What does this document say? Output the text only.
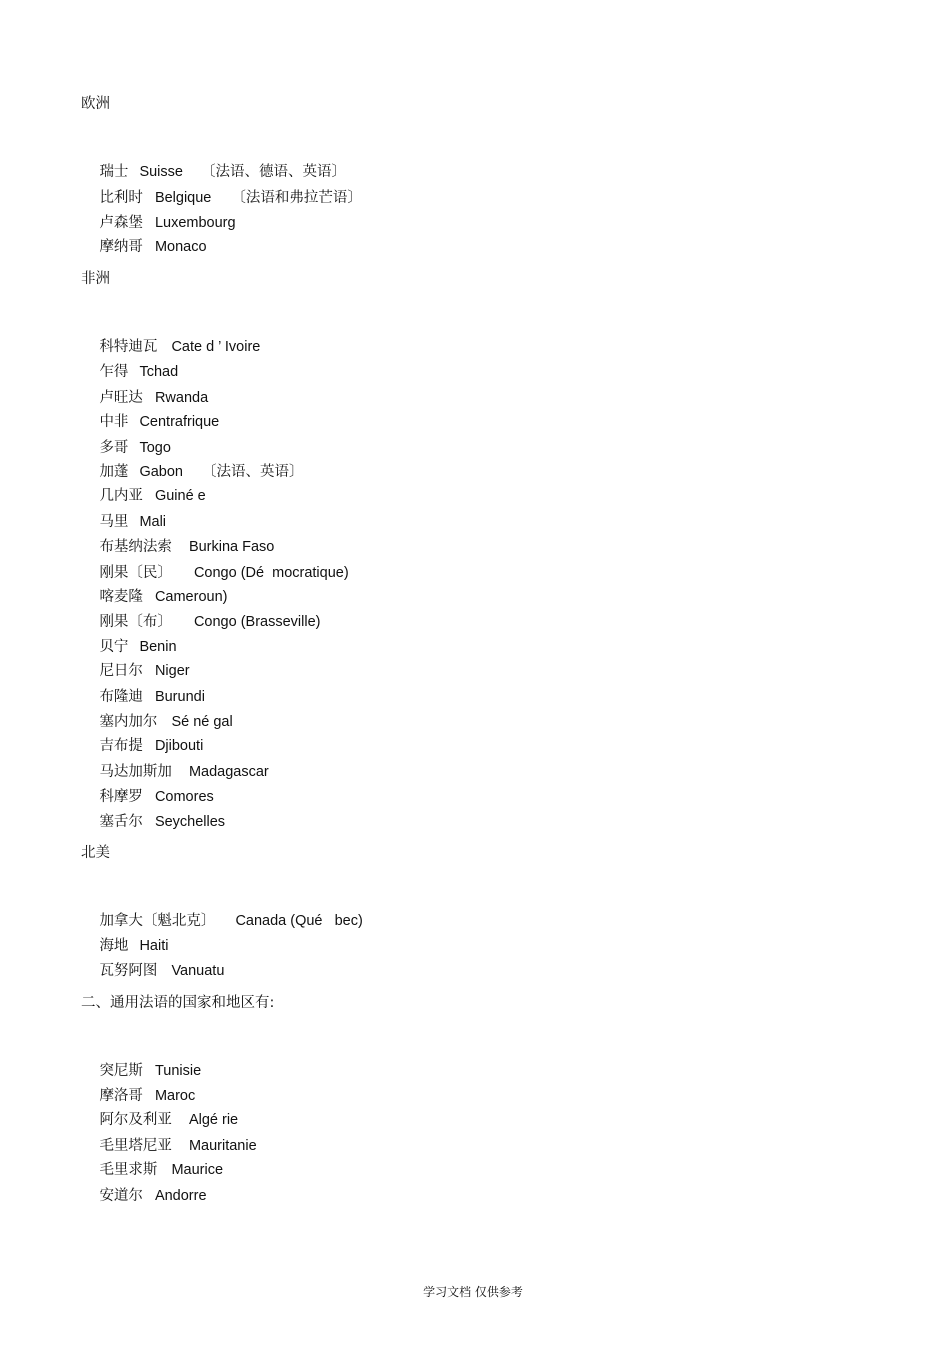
欧洲

瑞士 Suisse 〔法语、德语、英语〕

比利时 Belgique 〔法语和弗拉芒语〕

卢森堡 Luxembourg

摩纳哥 Monaco

非洲

科特迪瓦 Cate d ’ Ivoire

乍得 Tchad

卢旺达 Rwanda

中非 Centrafrique

多哥 Togo

加蓬 Gabon 〔法语、英语〕

几内亚 Guiné e

马里 Mali

布基纳法索 Burkina Faso

刚果〔民〕 Congo (Dé  mocratique)

喀麦隆 Cameroun)

刚果〔布〕 Congo (Brasseville)

贝宁 Benin

尼日尔 Niger

布隆迪 Burundi

塞内加尔 Sé né gal

吉布提 Djibouti

马达加斯加 Madagascar

科摩罗 Comores

塞舌尔 Seychelles

北美

加拿大〔魁北克〕 Canada (Qué   bec)

海地 Haiti

瓦努阿图 Vanuatu

二、通用法语的国家和地区有:

突尼斯 Tunisie

摩洛哥 Maroc

阿尔及利亚 Algé rie

毛里塔尼亚 Mauritanie

毛里求斯 Maurice

安道尔 Andorre

学习文档 仅供参考
